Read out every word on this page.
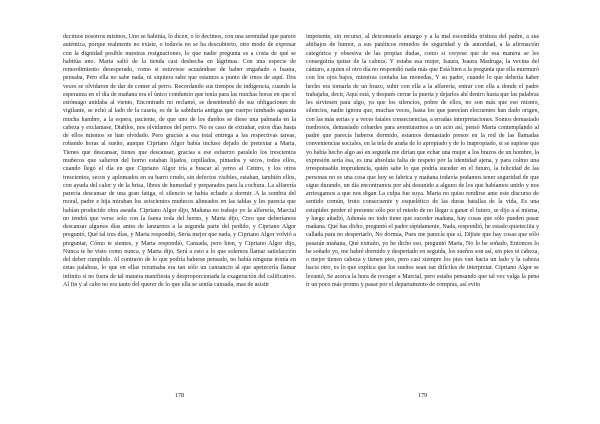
decimos nosotros mismos, Uno se habitúa, lo dicen, o lo decimos, con una serenidad que parece auténtica, porque realmente no existe, o todavía no se ha descubierto, otro modo de expresar con la dignidad posible nuestras resignaciones, lo que nadie pregunta es a costa de qué se habitúa uno. Marta salió de la tienda casi deshecha en lágrimas. Con una especie de remordimiento desesperado, como si estuviese acusándose de haber engañado a Isaura, pensaba, Pero ella no sabe nada, ni siquiera sabe que estamos a punto de irnos de aquí. Dos veces se olvidaron de dar de comer al perro. Recordando sus tiempos de indigencia, cuando la esperanza en el día de mañana era el único condumio que tenía para las muchas horas en que el estómago anidaba al viento, Encontrado no reclamó, se desentendió de sus obligaciones de vigilante, se echó al lado de la caseta, es de la sabiduría antigua que cuerpo tumbado aguanta mucha hambre, a la espera, paciente, de que uno de los dueños se diese una palmada en la cabeza y exclamase, Diablos, nos olvidamos del perro. No es caso de extrañar, estos días hasta de ellos mismos se han olvidado. Pero gracias a esa total entrega a las respectivas tareas, robando horas al sueño, aunque Cipriano Algor había incluso dejado de pretextar a Marta, Tienes que descansar, tienes que descansar, gracias a ese esfuerzo paralelo los trescientos muñecos que salieron del horno estaban lijados, cepillados, pintados y secos, todos ellos, cuando llegó el día en que Cipriano Algor iría a buscar al yerno al Centro, y los otros trescientos, secos y aplomados en su barro crudo, sin defectos visibles, estaban, también ellos, con ayuda del calor y de la brisa, libres de humedad y preparados para la cochura. La alfarería parecía descansar de una gran fatiga, el silencio se había echado a dormir. A la sombra del moral, padre e hija miraban los seiscientos muñecos alineados en las tablas y les parecía que habían producido obra aseada. Cipriano Algor dijo, Mañana no trabajo yo la alfarería, Marcial no tendrá que verse solo con la faena toda del horno, y Marta dijo, Creo que deberíamos descansar algunos días antes de lanzarnos a la segunda parte del pedido, y Cipriano Algor preguntó, Qué tal tres días, y Marta respondió, Sería mejor que nada, y Cipriano Algor volvió a preguntar, Cómo te sientes, y Marta respondió, Cansada, pero bien, y Cipriano Algor dijo, Nunca te he visto como nunca, y Marta dijo, Será a esto a lo que solemos llamar satisfacción del deber cumplido. Al contrario de lo que podría haberse pensado, no había ninguna ironía en estas palabras, lo que en ellas rezumaba era tan sólo un cansancio al que apetecería llamar infinito si no fuera de tal manera manifiesta y desproporcionada la exageración del calificativo. Al fin y al cabo no era tanto del querer de lo que ella se sentía cansada, mas de asistir

178

impotente, sin recurso, al desconsuelo amargo y a la mal escondida tristeza del padre, a sus altibajos de humor, a sus patéticos remedos de seguridad y de autoridad, a la afirmación categórica y obsesiva de las propias dudas, como si creyese que de esa manera se les conseguiría quitar de la cabeza. Y estaba esa mujer, Isaura, Isaura Madruga, la vecina del cántaro, a quien el otro día no respondió nada más que Está bien a la pregunta que ella murmuró con los ojos bajos, mientras contaba las monedas, Y su padre, cuando lo que debería haber hecho era tomarla de un brazo, subir con ella a la alfarería, entrar con ella a donde el padre trabajaba, decir, Aquí está, y después cerrar la puerta y dejarlos ahí dentro hasta que las palabras les sirviesen para algo, ya que los silencios, pobre de ellos, no son más que eso mismo, silencios, nadie ignora que, muchas veces, hasta los que parecían elocuentes han dado origen, con las más serias y a veces fatales consecuencias, a erradas interpretaciones. Somos demasiado medrosos, demasiado cobardes para aventurarnos a un acto así, pensó Marta contemplando al padre que parecía haberse dormido, estamos demasiado presos en la red de las llamadas conveniencias sociales, en la tela de araña de lo apropiado y de lo inapropiado, si se supiese que yo había hecho algo así en seguida me dirían que echar una mujer a los brazos de un hombre, la expresión sería ésa, es una absoluta falta de respeto por la identidad ajena, y para colmo una irresponsable imprudencia, quién sabe lo que podría suceder en el futuro, la felicidad de las personas no es una cosa que hoy se fabrica y mañana todavía podamos tener seguridad de que sigue durando, un día encontramos por ahí desunido a alguno de los que habíamos unido y nos arriesgamos a que nos digan La culpa fue suya. Marta no quiso rendirse ante este discurso de sentido común, fruto consecuente y esquelético de las duras batallas de la vida, Es una estupidez perder el presente sólo por el miedo de no llegar a ganar el futuro, se dijo a sí misma, y luego añadió, Además no todo tiene que suceder mañana, hay cosas que sólo pueden pasar mañana. Qué has dicho, preguntó el padre rápidamente, Nada, respondió, he estado quieteciita y callada para no despertarlo, No dormía, Pues me parecía que sí, Dijiste que hay cosas que sólo pasarán mañana, Qué extraño, yo he dicho eso, preguntó Marta, No lo he soñado, Entonces lo he soñado yo, me habré dormido y despertado en seguida, los sueños son así, sin pies ni cabeza, o mejor tienen cabeza y tienen pies, pero casi siempre los pies van hacia un lado y la cabeza hacia otro, es lo que explica que los sueños sean tan difíciles de interpretar. Cipriano Algor se levantó, Se acerca la hora de recoger a Marcial, pero estaba pensando que tal vez valga la pena ir un poco más pronto y pasar por el departamento de compras, así evito

179
